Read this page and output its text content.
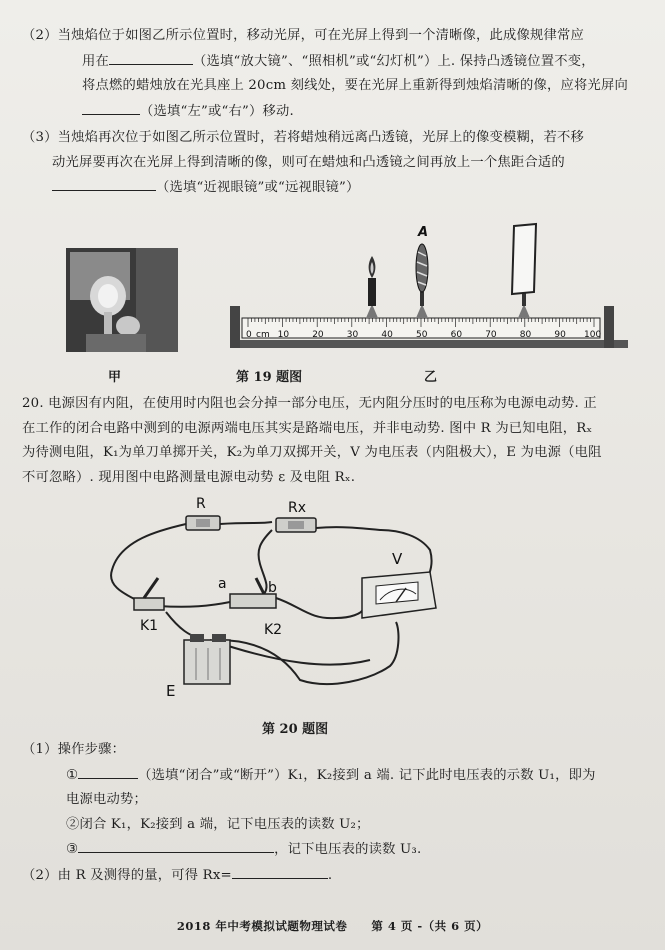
（2）当烛焰位于如图乙所示位置时，移动光屏，可在光屏上得到一个清晰像，此成像规律常应
用在	（选填“放大镜”、“照相机”或“幻灯机”）上. 保持凸透镜位置不变，
将点燃的蜡烛放在光具座上 20cm 刻线处，要在光屏上重新得到烛焰清晰的像，应将光屏向
（选填“左”或“右”）移动.
（3）当烛焰再次位于如图乙所示位置时，若将蜡烛稍远离凸透镜，光屏上的像变模糊，若不移
动光屏要再次在光屏上得到清晰的像，则可在蜡烛和凸透镜之间再放上一个焦距合适的
（选填“近视眼镜”或“远视眼镜”）
甲
0	10	20	30	40	50	60	70	80	90 100
cm
A
乙
第 19 题图
20. 电源因有内阻，在使用时内阻也会分掉一部分电压，无内阻分压时的电压称为电源电动势. 正
在工作的闭合电路中测到的电源两端电压其实是路端电压，并非电动势. 图中 R 为已知电阻，Rₓ
为待测电阻，K₁为单刀单掷开关，K₂为单刀双掷开关，V 为电压表（内阻极大），E 为电源（电阻
不可忽略）. 现用图中电路测量电源电动势 ε 及电阻 Rₓ.
R	Rx
K1
a	b
K2
V
E
第 20 题图
（1）操作步骤：
①	（选填“闭合”或“断开”）K₁，K₂接到 a 端. 记下此时电压表的示数 U₁，即为
电源电动势；
②闭合 K₁，K₂接到 a 端，记下电压表的读数 U₂；
③	，记下电压表的读数 U₃.
（2）由 R 及测得的量，可得 Rx=	.
2018 年中考模拟试题物理试卷　　第 4 页 -（共 6 页）
